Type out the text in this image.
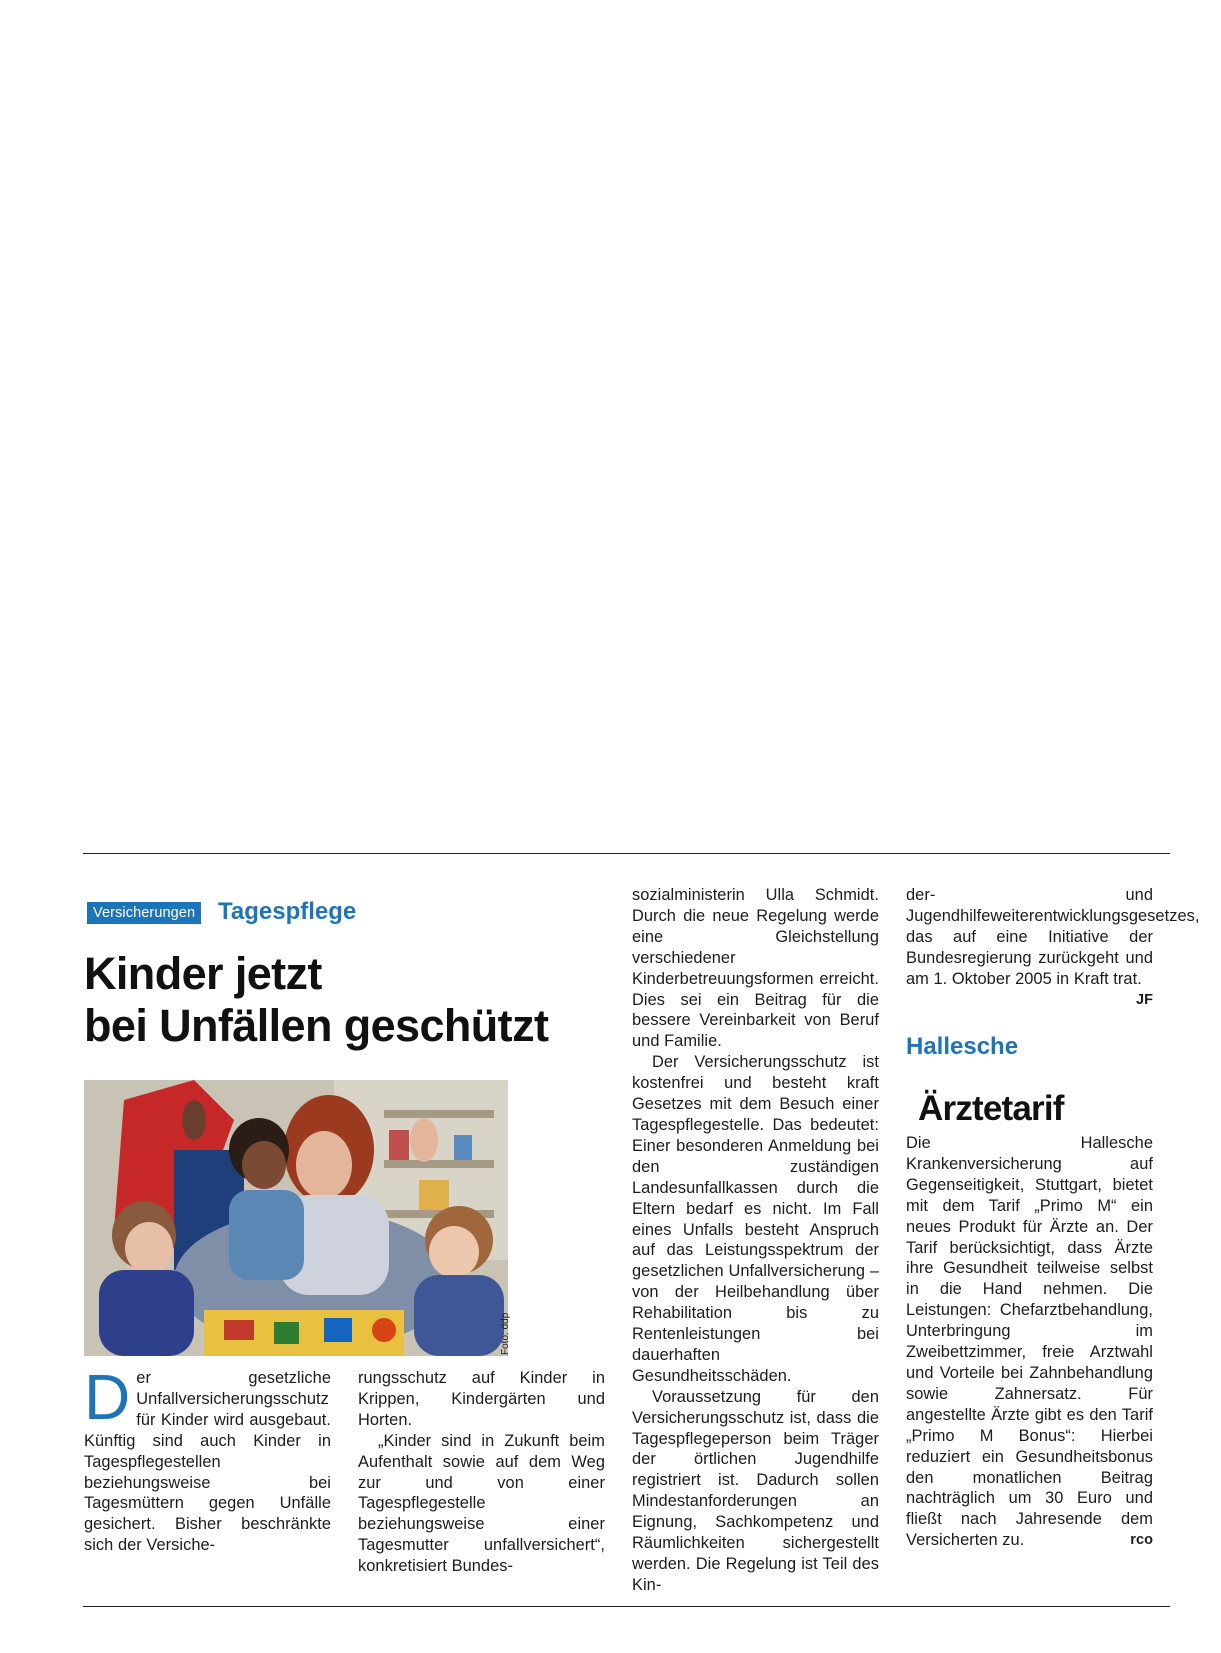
Versicherungen Tagespflege
Kinder jetzt
bei Unfällen geschützt
Foto: ddp
Der gesetzliche Unfallversicherungsschutz für Kinder wird ausgebaut. Künftig sind auch Kinder in Tagespflegestellen beziehungsweise bei Tagesmüttern gegen Unfälle gesichert. Bisher beschränkte sich der Versiche-

rungsschutz auf Kinder in Krippen, Kindergärten und Horten.

„Kinder sind in Zukunft beim Aufenthalt sowie auf dem Weg zur und von einer Tagespflegestelle beziehungsweise einer Tagesmutter unfallversichert“, konkretisiert Bundes-

sozialministerin Ulla Schmidt. Durch die neue Regelung werde eine Gleichstellung verschiedener Kinderbetreuungsformen erreicht. Dies sei ein Beitrag für die bessere Vereinbarkeit von Beruf und Familie.

Der Versicherungsschutz ist kostenfrei und besteht kraft Gesetzes mit dem Besuch einer Tagespflegestelle. Das bedeutet: Einer besonderen Anmeldung bei den zuständigen Landesunfallkassen durch die Eltern bedarf es nicht. Im Fall eines Unfalls besteht Anspruch auf das Leistungsspektrum der gesetzlichen Unfallversicherung – von der Heilbehandlung über Rehabilitation bis zu Rentenleistungen bei dauerhaften Gesundheitsschäden.

Voraussetzung für den Versicherungsschutz ist, dass die Tagespflegeperson beim Träger der örtlichen Jugendhilfe registriert ist. Dadurch sollen Mindestanforderungen an Eignung, Sachkompetenz und Räumlichkeiten sichergestellt werden. Die Regelung ist Teil des Kin-

der- und Jugendhilfeweiterentwicklungsgesetzes, das auf eine Initiative der Bundesregierung zurückgeht und am 1. Oktober 2005 in Kraft trat.
JF

Hallesche
Ärztetarif

Die Hallesche Krankenversicherung auf Gegenseitigkeit, Stuttgart, bietet mit dem Tarif „Primo M“ ein neues Produkt für Ärzte an. Der Tarif berücksichtigt, dass Ärzte ihre Gesundheit teilweise selbst in die Hand nehmen. Die Leistungen: Chefarztbehandlung, Unterbringung im Zweibettzimmer, freie Arztwahl und Vorteile bei Zahnbehandlung sowie Zahnersatz. Für angestellte Ärzte gibt es den Tarif „Primo M Bonus“: Hierbei reduziert ein Gesundheitsbonus den monatlichen Beitrag nachträglich um 30 Euro und fließt nach Jahresende dem Versicherten zu.	rco
